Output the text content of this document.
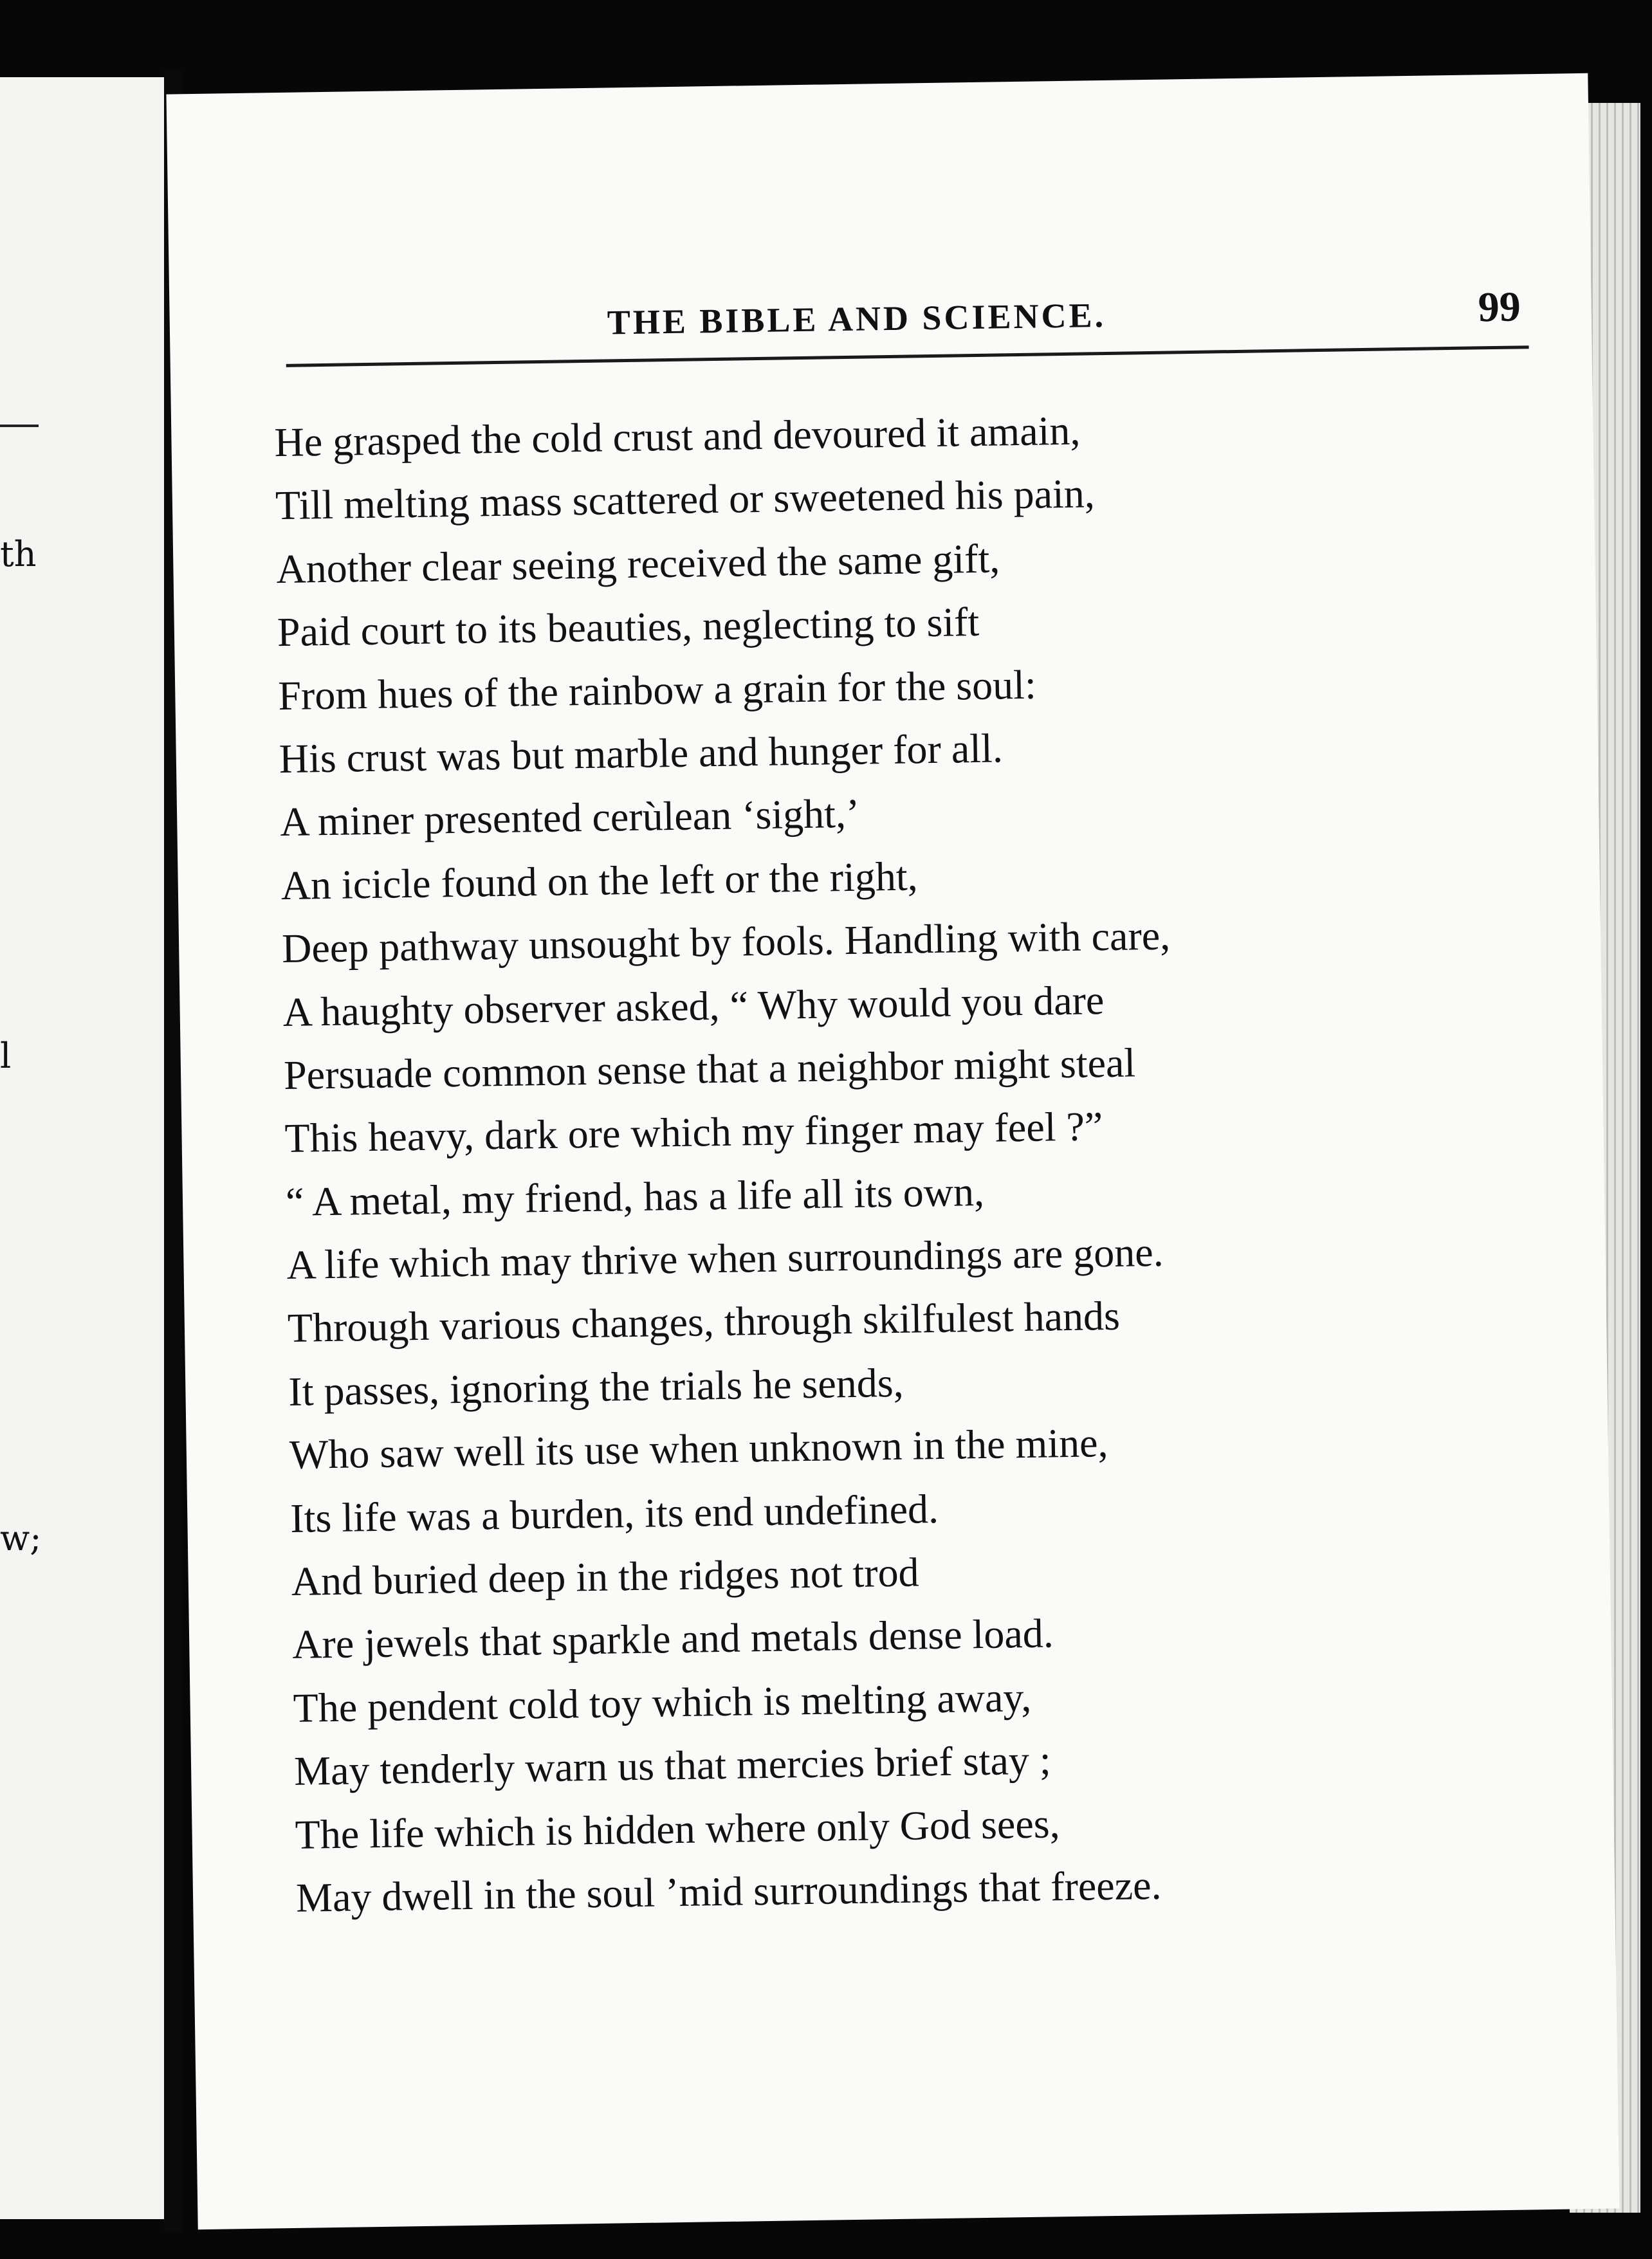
th
l
w;
THE BIBLE AND SCIENCE.	99
He grasped the cold crust and devoured it amain,
Till melting mass scattered or sweetened his pain,
Another clear seeing received the same gift,
Paid court to its beauties, neglecting to sift
From hues of the rainbow a grain for the soul:
His crust was but marble and hunger for all.
A miner presented cerùlean ‘sight,’
An icicle found on the left or the right,
Deep pathway unsought by fools. Handling with care,
A haughty observer asked, “ Why would you dare
Persuade common sense that a neighbor might steal
This heavy, dark ore which my finger may feel ?”
“ A metal, my friend, has a life all its own,
A life which may thrive when surroundings are gone.
Through various changes, through skilfulest hands
It passes, ignoring the trials he sends,
Who saw well its use when unknown in the mine,
Its life was a burden, its end undefined.
And buried deep in the ridges not trod
Are jewels that sparkle and metals dense load.
The pendent cold toy which is melting away,
May tenderly warn us that mercies brief stay ;
The life which is hidden where only God sees,
May dwell in the soul ’mid surroundings that freeze.
